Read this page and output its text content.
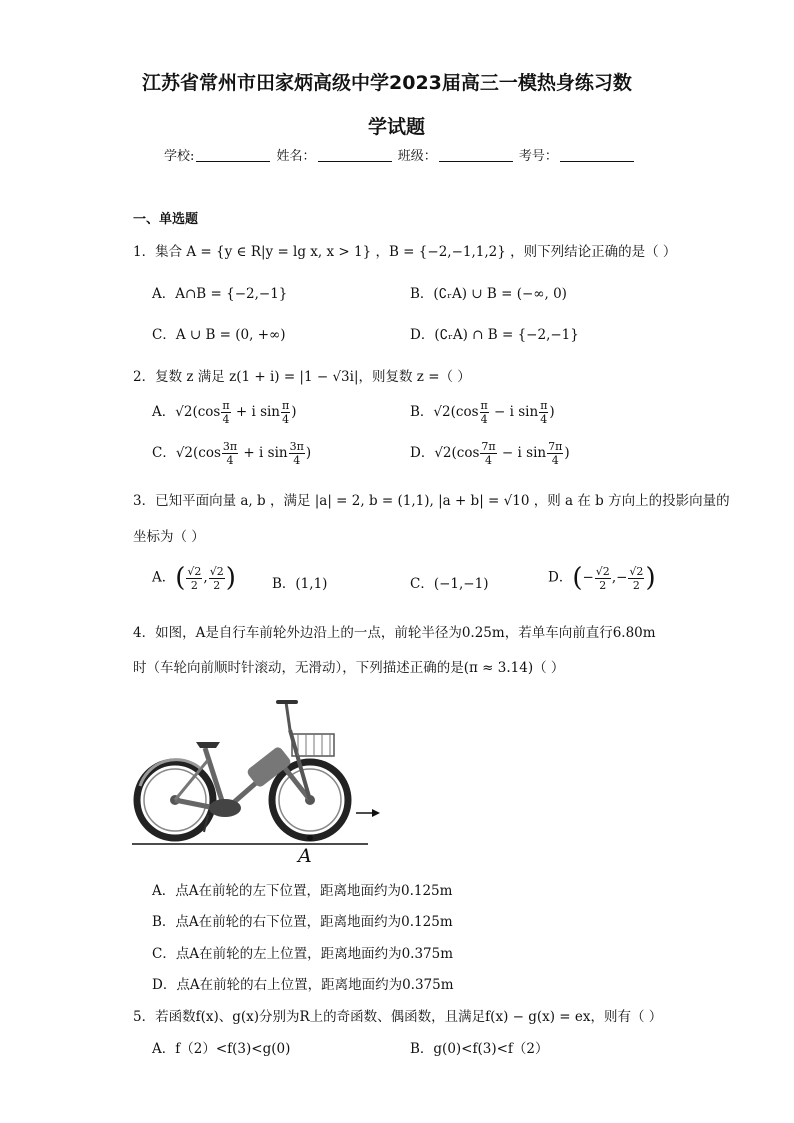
江苏省常州市田家炳高级中学2023届高三一模热身练习数
学试题
学校:	姓名：	班级：	考号：
一、单选题
1．集合 A = {y ∈ R|y = lg x, x > 1} ，B = {−2,−1,1,2} ，则下列结论正确的是（ ）
A．A∩B = {−2,−1}	B．(∁ᵣA) ∪ B = (−∞, 0)
C．A ∪ B = (0, +∞)	D．(∁ᵣA) ∩ B = {−2,−1}
2．复数 z 满足 z(1 + i) = |1 − √3i|，则复数 z =（ ）
A．$√2(\cos \frac{\pi}{4} + i$ $\sin \frac{\pi}{4}$ )	B．$√2(\cos \frac{\pi}{4} - i$ $\sin \frac{\pi}{4}$ )
C．$√2(\cos \frac{3\pi}{4} + i$ $\sin \frac{3\pi}{4}$ )	D．$√2(\cos \frac{7\pi}{4} - i$ $\sin \frac{7\pi}{4}$ )
3．已知平面向量 a, b ，满足 |a| = 2, b = (1,1), |a + b| = √10 ，则 a 在 b 方向上的投影向量的
坐标为（ ）
A．( $\frac{√2}{2}$ , $\frac{√2}{2}$ )	B．(1,1)	C．(−1,−1)	D．(− $\frac{√2}{2}$ ,− $\frac{√2}{2}$ )
4．如图，A是自行车前轮外边沿上的一点，前轮半径为0.25m，若单车向前直行6.80m
时（车轮向前顺时针滚动，无滑动），下列描述正确的是(π ≈ 3.14)（ ）
A
A．点A在前轮的左下位置，距离地面约为0.125m
B．点A在前轮的右下位置，距离地面约为0.125m
C．点A在前轮的左上位置，距离地面约为0.375m
D．点A在前轮的右上位置，距离地面约为0.375m
5．若函数f(x)、g(x)分别为R上的奇函数、偶函数，且满足f(x) − g(x) = ex，则有（ ）
A．f（2）<f(3)<g(0)	B．g(0)<f(3)<f（2）
